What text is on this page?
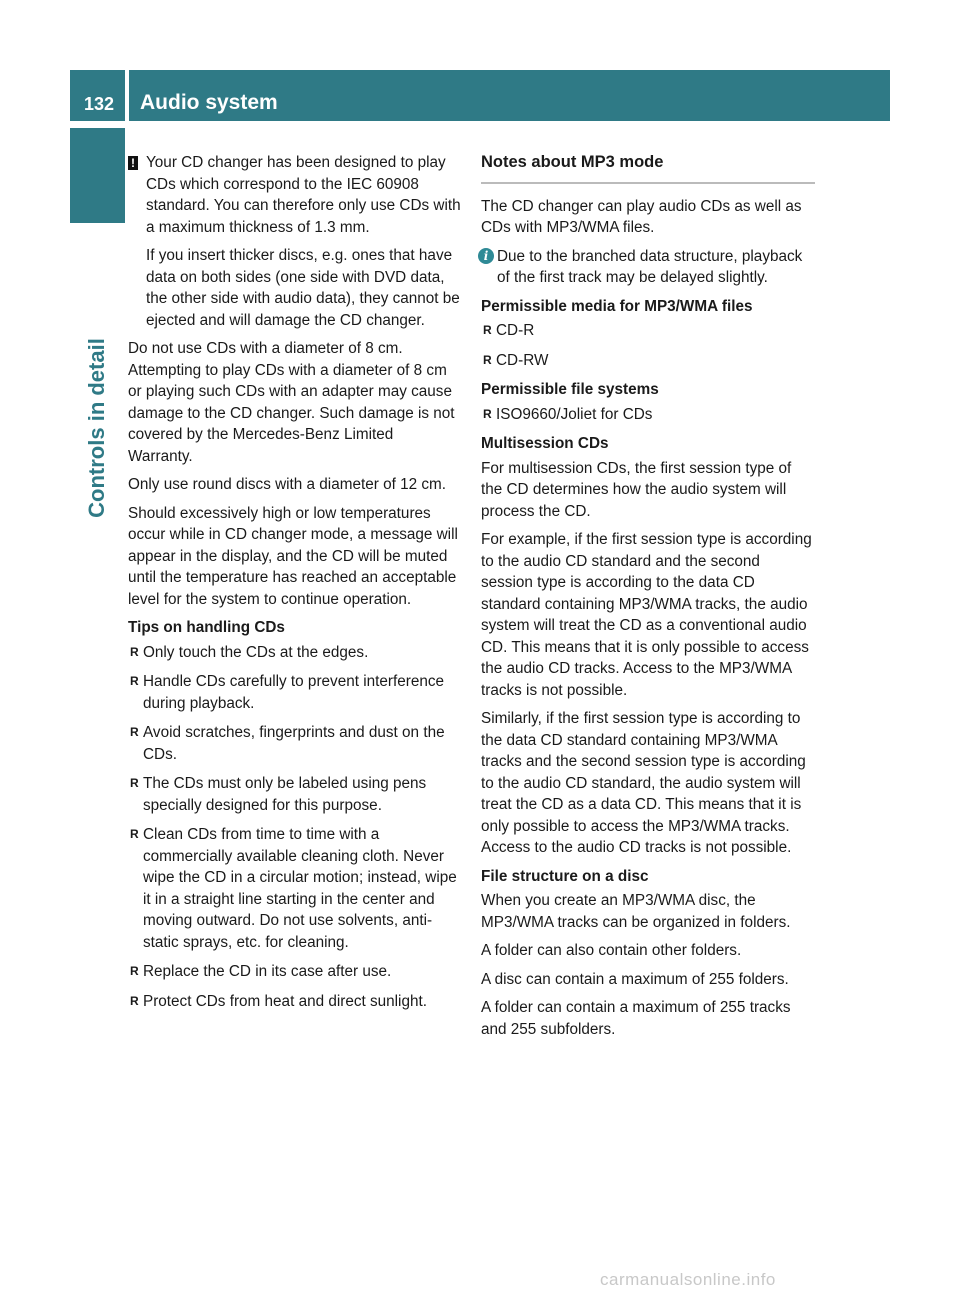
132	Audio system
Controls in detail
! Your CD changer has been designed to play CDs which correspond to the IEC 60908 standard. You can therefore only use CDs with a maximum thickness of 1.3 mm.

If you insert thicker discs, e.g. ones that have data on both sides (one side with DVD data, the other side with audio data), they cannot be ejected and will damage the CD changer.

Do not use CDs with a diameter of 8 cm. Attempting to play CDs with a diameter of 8 cm or playing such CDs with an adapter may cause damage to the CD changer. Such damage is not covered by the Mercedes-Benz Limited Warranty.

Only use round discs with a diameter of 12 cm.

Should excessively high or low temperatures occur while in CD changer mode, a message will appear in the display, and the CD will be muted until the temperature has reached an acceptable level for the system to continue operation.

Tips on handling CDs
R Only touch the CDs at the edges.
R Handle CDs carefully to prevent interference during playback.
R Avoid scratches, fingerprints and dust on the CDs.
R The CDs must only be labeled using pens specially designed for this purpose.
R Clean CDs from time to time with a commercially available cleaning cloth. Never wipe the CD in a circular motion; instead, wipe it in a straight line starting in the center and moving outward. Do not use solvents, anti-static sprays, etc. for cleaning.
R Replace the CD in its case after use.
R Protect CDs from heat and direct sunlight.
Notes about MP3 mode

The CD changer can play audio CDs as well as CDs with MP3/WMA files.

i Due to the branched data structure, playback of the first track may be delayed slightly.
Permissible media for MP3/WMA files
R CD-R
R CD-RW
Permissible file systems
R ISO9660/Joliet for CDs
Multisession CDs

For multisession CDs, the first session type of the CD determines how the audio system will process the CD.

For example, if the first session type is according to the audio CD standard and the second session type is according to the data CD standard containing MP3/WMA tracks, the audio system will treat the CD as a conventional audio CD. This means that it is only possible to access the audio CD tracks. Access to the MP3/WMA tracks is not possible.

Similarly, if the first session type is according to the data CD standard containing MP3/WMA tracks and the second session type is according to the audio CD standard, the audio system will treat the CD as a data CD. This means that it is only possible to access the MP3/WMA tracks. Access to the audio CD tracks is not possible.

File structure on a disc

When you create an MP3/WMA disc, the MP3/WMA tracks can be organized in folders.

A folder can also contain other folders.

A disc can contain a maximum of 255 folders.

A folder can contain a maximum of 255 tracks and 255 subfolders.

carmanualsonline.info
